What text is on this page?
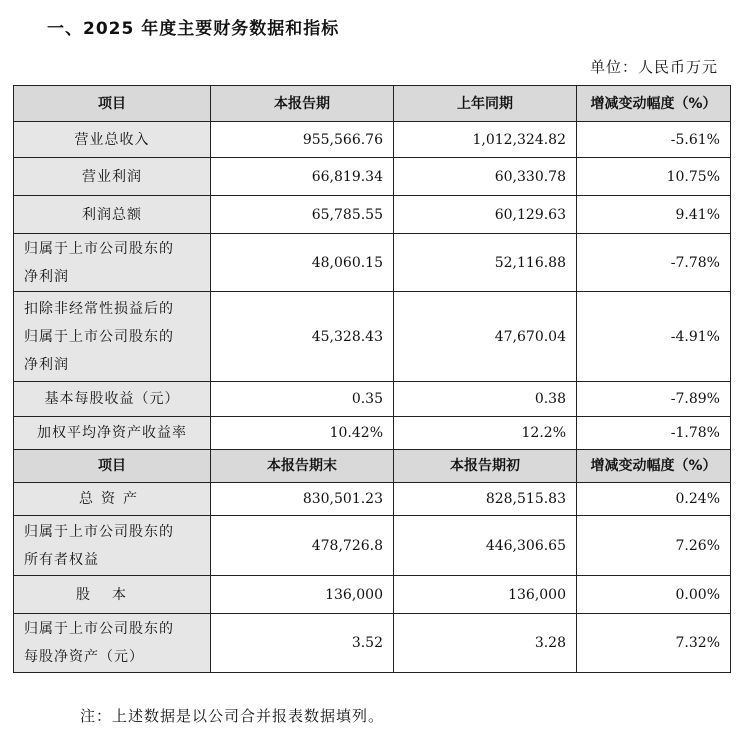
一、2025 年度主要财务数据和指标
单位：人民币万元
项目	本报告期	上年同期	增减变动幅度（%）

营业总收入	955,566.76	1,012,324.82	-5.61%

营业利润	66,819.34	60,330.78	10.75%

利润总额	65,785.55	60,129.63	9.41%

归属于上市公司股东的
净利润	48,060.15	52,116.88	-7.78%

扣除非经常性损益后的
归属于上市公司股东的
净利润	45,328.43	47,670.04	-4.91%

基本每股收益（元）	0.35	0.38	-7.89%

加权平均净资产收益率	10.42%	12.2%	-1.78%
项目	本报告期末	本报告期初	增减变动幅度（%）

总资产	830,501.23	828,515.83	0.24%

归属于上市公司股东的
所有者权益	478,726.8	446,306.65	7.26%

股本	136,000	136,000	0.00%

归属于上市公司股东的
每股净资产（元）	3.52	3.28	7.32%
注：上述数据是以公司合并报表数据填列。
